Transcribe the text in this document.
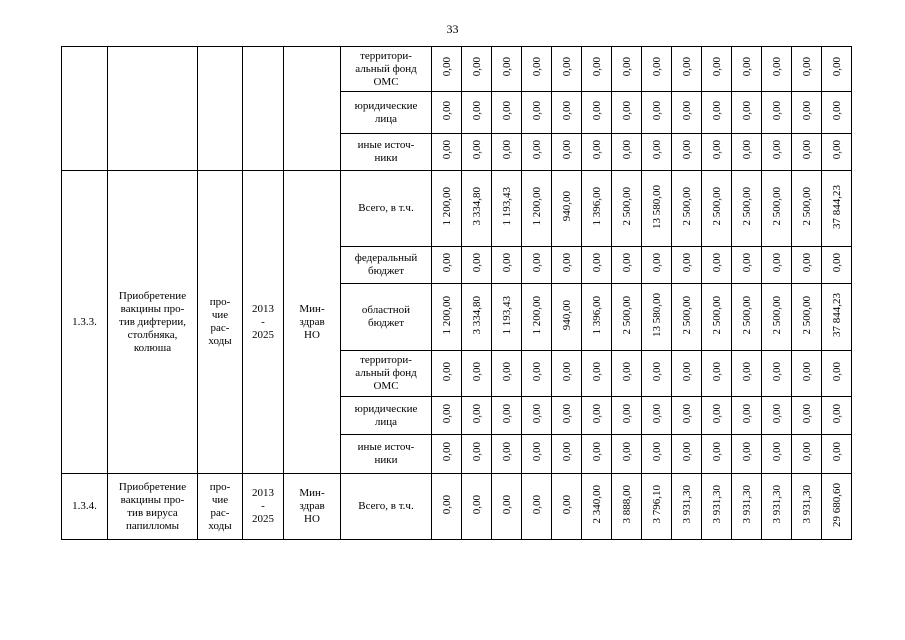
33
					территори-
альный фонд
ОМС	0,00	0,00	0,00	0,00	0,00	0,00	0,00	0,00	0,00	0,00	0,00	0,00	0,00	0,00
					юридические
лица	0,00	0,00	0,00	0,00	0,00	0,00	0,00	0,00	0,00	0,00	0,00	0,00	0,00	0,00
					иные источ-
ники	0,00	0,00	0,00	0,00	0,00	0,00	0,00	0,00	0,00	0,00	0,00	0,00	0,00	0,00
1.3.3.	Приобретение
вакцины про-
тив дифтерии,
столбняка,
колюша	про-
чие
рас-
ходы	2013
-
2025	Мин-
здрав
НО	Всего, в т.ч.	1 200,00	3 334,80	1 193,43	1 200,00	940,00	1 396,00	2 500,00	13 580,00	2 500,00	2 500,00	2 500,00	2 500,00	2 500,00	37 844,23
					федеральный
бюджет	0,00	0,00	0,00	0,00	0,00	0,00	0,00	0,00	0,00	0,00	0,00	0,00	0,00	0,00
					областной
бюджет	1 200,00	3 334,80	1 193,43	1 200,00	940,00	1 396,00	2 500,00	13 580,00	2 500,00	2 500,00	2 500,00	2 500,00	2 500,00	37 844,23
					территори-
альный фонд
ОМС	0,00	0,00	0,00	0,00	0,00	0,00	0,00	0,00	0,00	0,00	0,00	0,00	0,00	0,00
					юридические
лица	0,00	0,00	0,00	0,00	0,00	0,00	0,00	0,00	0,00	0,00	0,00	0,00	0,00	0,00
					иные источ-
ники	0,00	0,00	0,00	0,00	0,00	0,00	0,00	0,00	0,00	0,00	0,00	0,00	0,00	0,00
1.3.4.	Приобретение
вакцины про-
тив вируса
папилломы	про-
чие
рас-
ходы	2013
-
2025	Мин-
здрав
НО	Всего, в т.ч.	0,00	0,00	0,00	0,00	0,00	2 340,00	3 888,00	3 796,10	3 931,30	3 931,30	3 931,30	3 931,30	3 931,30	29 680,60
